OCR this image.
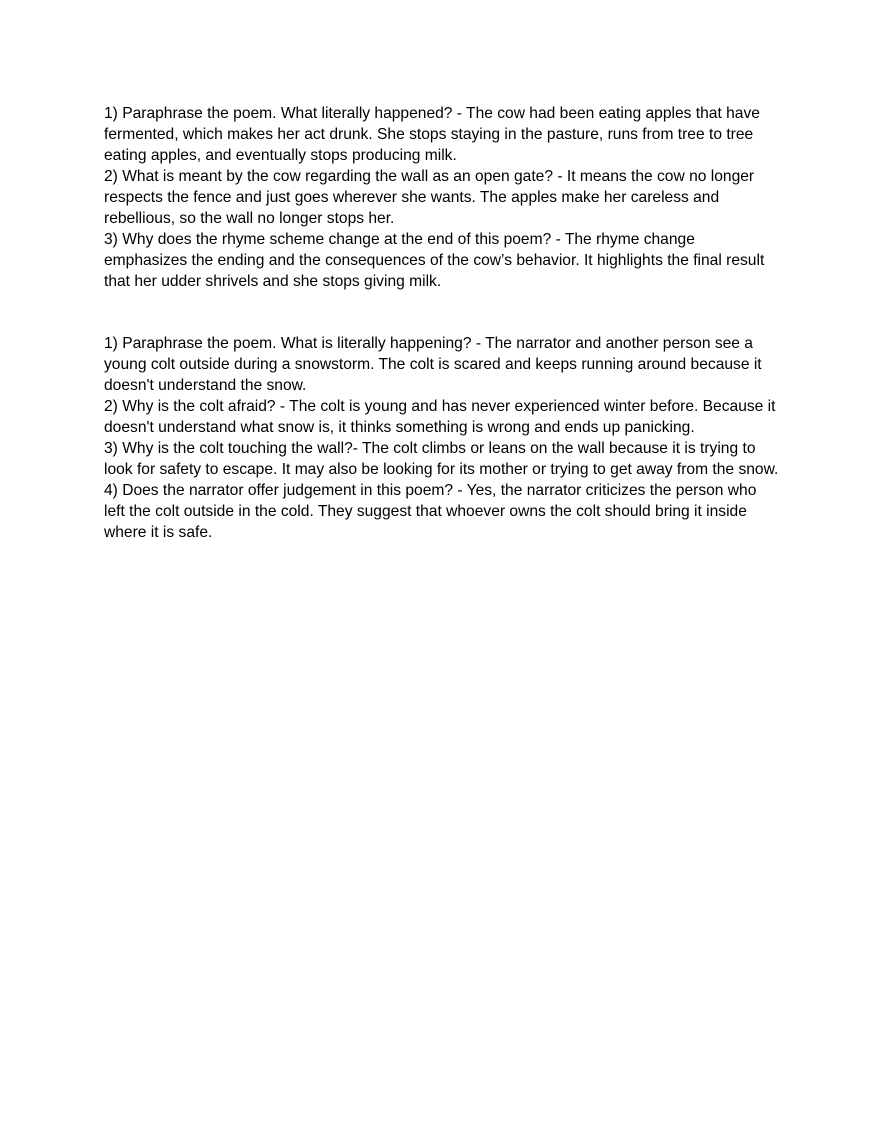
1) Paraphrase the poem. What literally happened? - The cow had been eating apples that have fermented, which makes her act drunk. She stops staying in the pasture, runs from tree to tree eating apples, and eventually stops producing milk.

2) What is meant by the cow regarding the wall as an open gate? - It means the cow no longer respects the fence and just goes wherever she wants. The apples make her careless and rebellious, so the wall no longer stops her.

3) Why does the rhyme scheme change at the end of this poem? - The rhyme change emphasizes the ending and the consequences of the cow’s behavior. It highlights the final result that her udder shrivels and she stops giving milk.

1) Paraphrase the poem. What is literally happening? - The narrator and another person see a young colt outside during a snowstorm. The colt is scared and keeps running around because it doesn't understand the snow.

2) Why is the colt afraid? - The colt is young and has never experienced winter before. Because it doesn't understand what snow is, it thinks something is wrong and ends up panicking.

3) Why is the colt touching the wall?- The colt climbs or leans on the wall because it is trying to look for safety to escape. It may also be looking for its mother or trying to get away from the snow.

4) Does the narrator offer judgement in this poem? - Yes, the narrator criticizes the person who left the colt outside in the cold. They suggest that whoever owns the colt should bring it inside where it is safe.
